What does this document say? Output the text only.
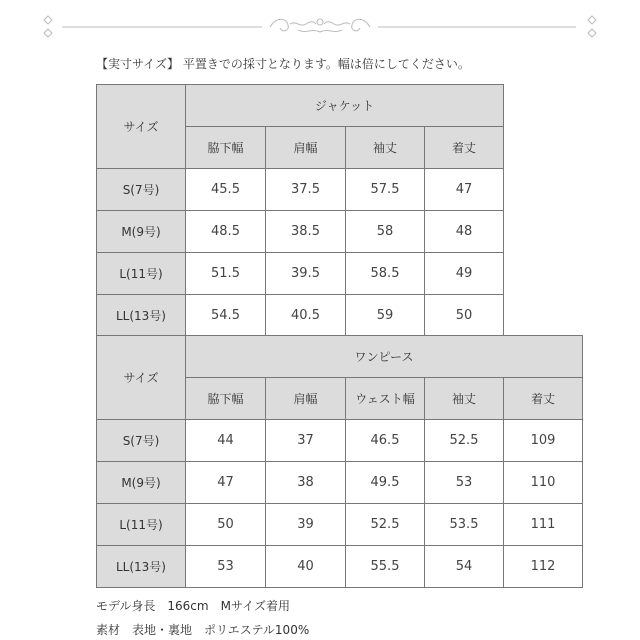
【実寸サイズ】 平置きでの採寸となります。幅は倍にしてください。
サイズ	ジャケット			
	脇下幅	肩幅	袖丈	着丈
S(7号)	45.5	37.5	57.5	47
M(9号)	48.5	38.5	58	48
L(11号)	51.5	39.5	58.5	49
LL(13号)	54.5	40.5	59	50
サイズ	ワンピース				
	脇下幅	肩幅	ウェスト幅	袖丈	着丈
S(7号)	44	37	46.5	52.5	109
M(9号)	47	38	49.5	53	110
L(11号)	50	39	52.5	53.5	111
LL(13号)	53	40	55.5	54	112
モデル身長　166cm　Mサイズ着用
素材　表地・裏地　ポリエステル100%
